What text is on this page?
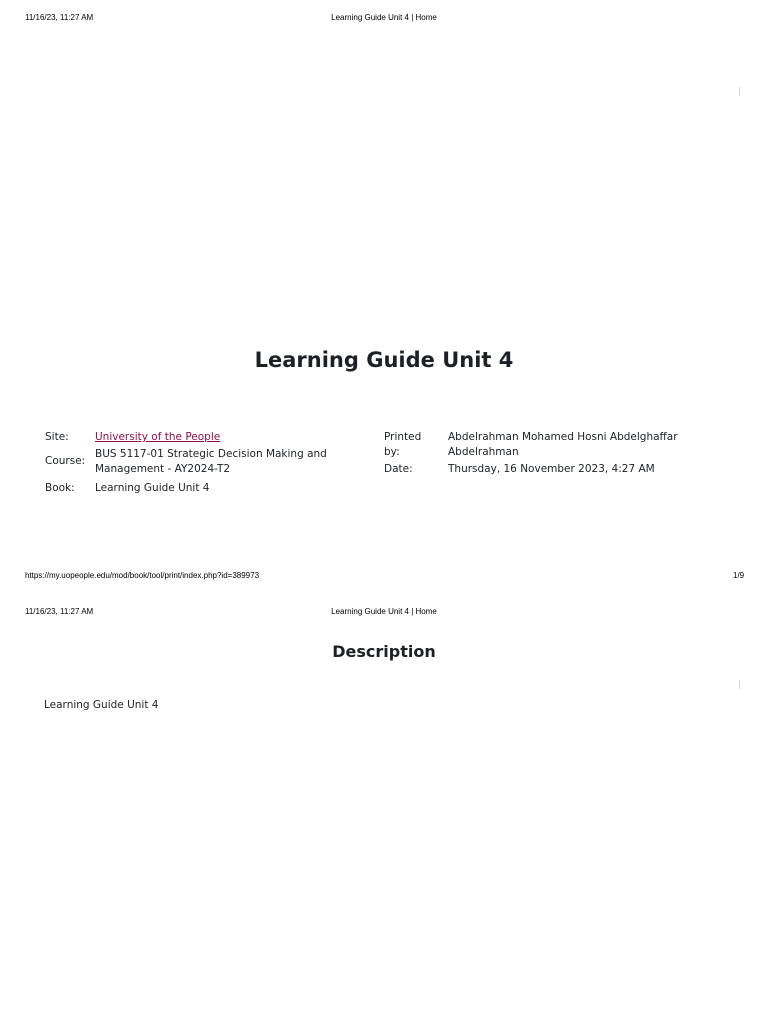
11/16/23, 11:27 AM	Learning Guide Unit 4 | Home
Learning Guide Unit 4
Site:	University of the People
Course:
BUS 5117-01 Strategic Decision Making and Management - AY2024-T2
Book: Learning Guide Unit 4
Printed by:
Abdelrahman Mohamed Hosni Abdelghaffar Abdelrahman
Date:	Thursday, 16 November 2023, 4:27 AM
https://my.uopeople.edu/mod/book/tool/print/index.php?id=389973	1/9
11/16/23, 11:27 AM	Learning Guide Unit 4 | Home
Description
Learning Guide Unit 4
